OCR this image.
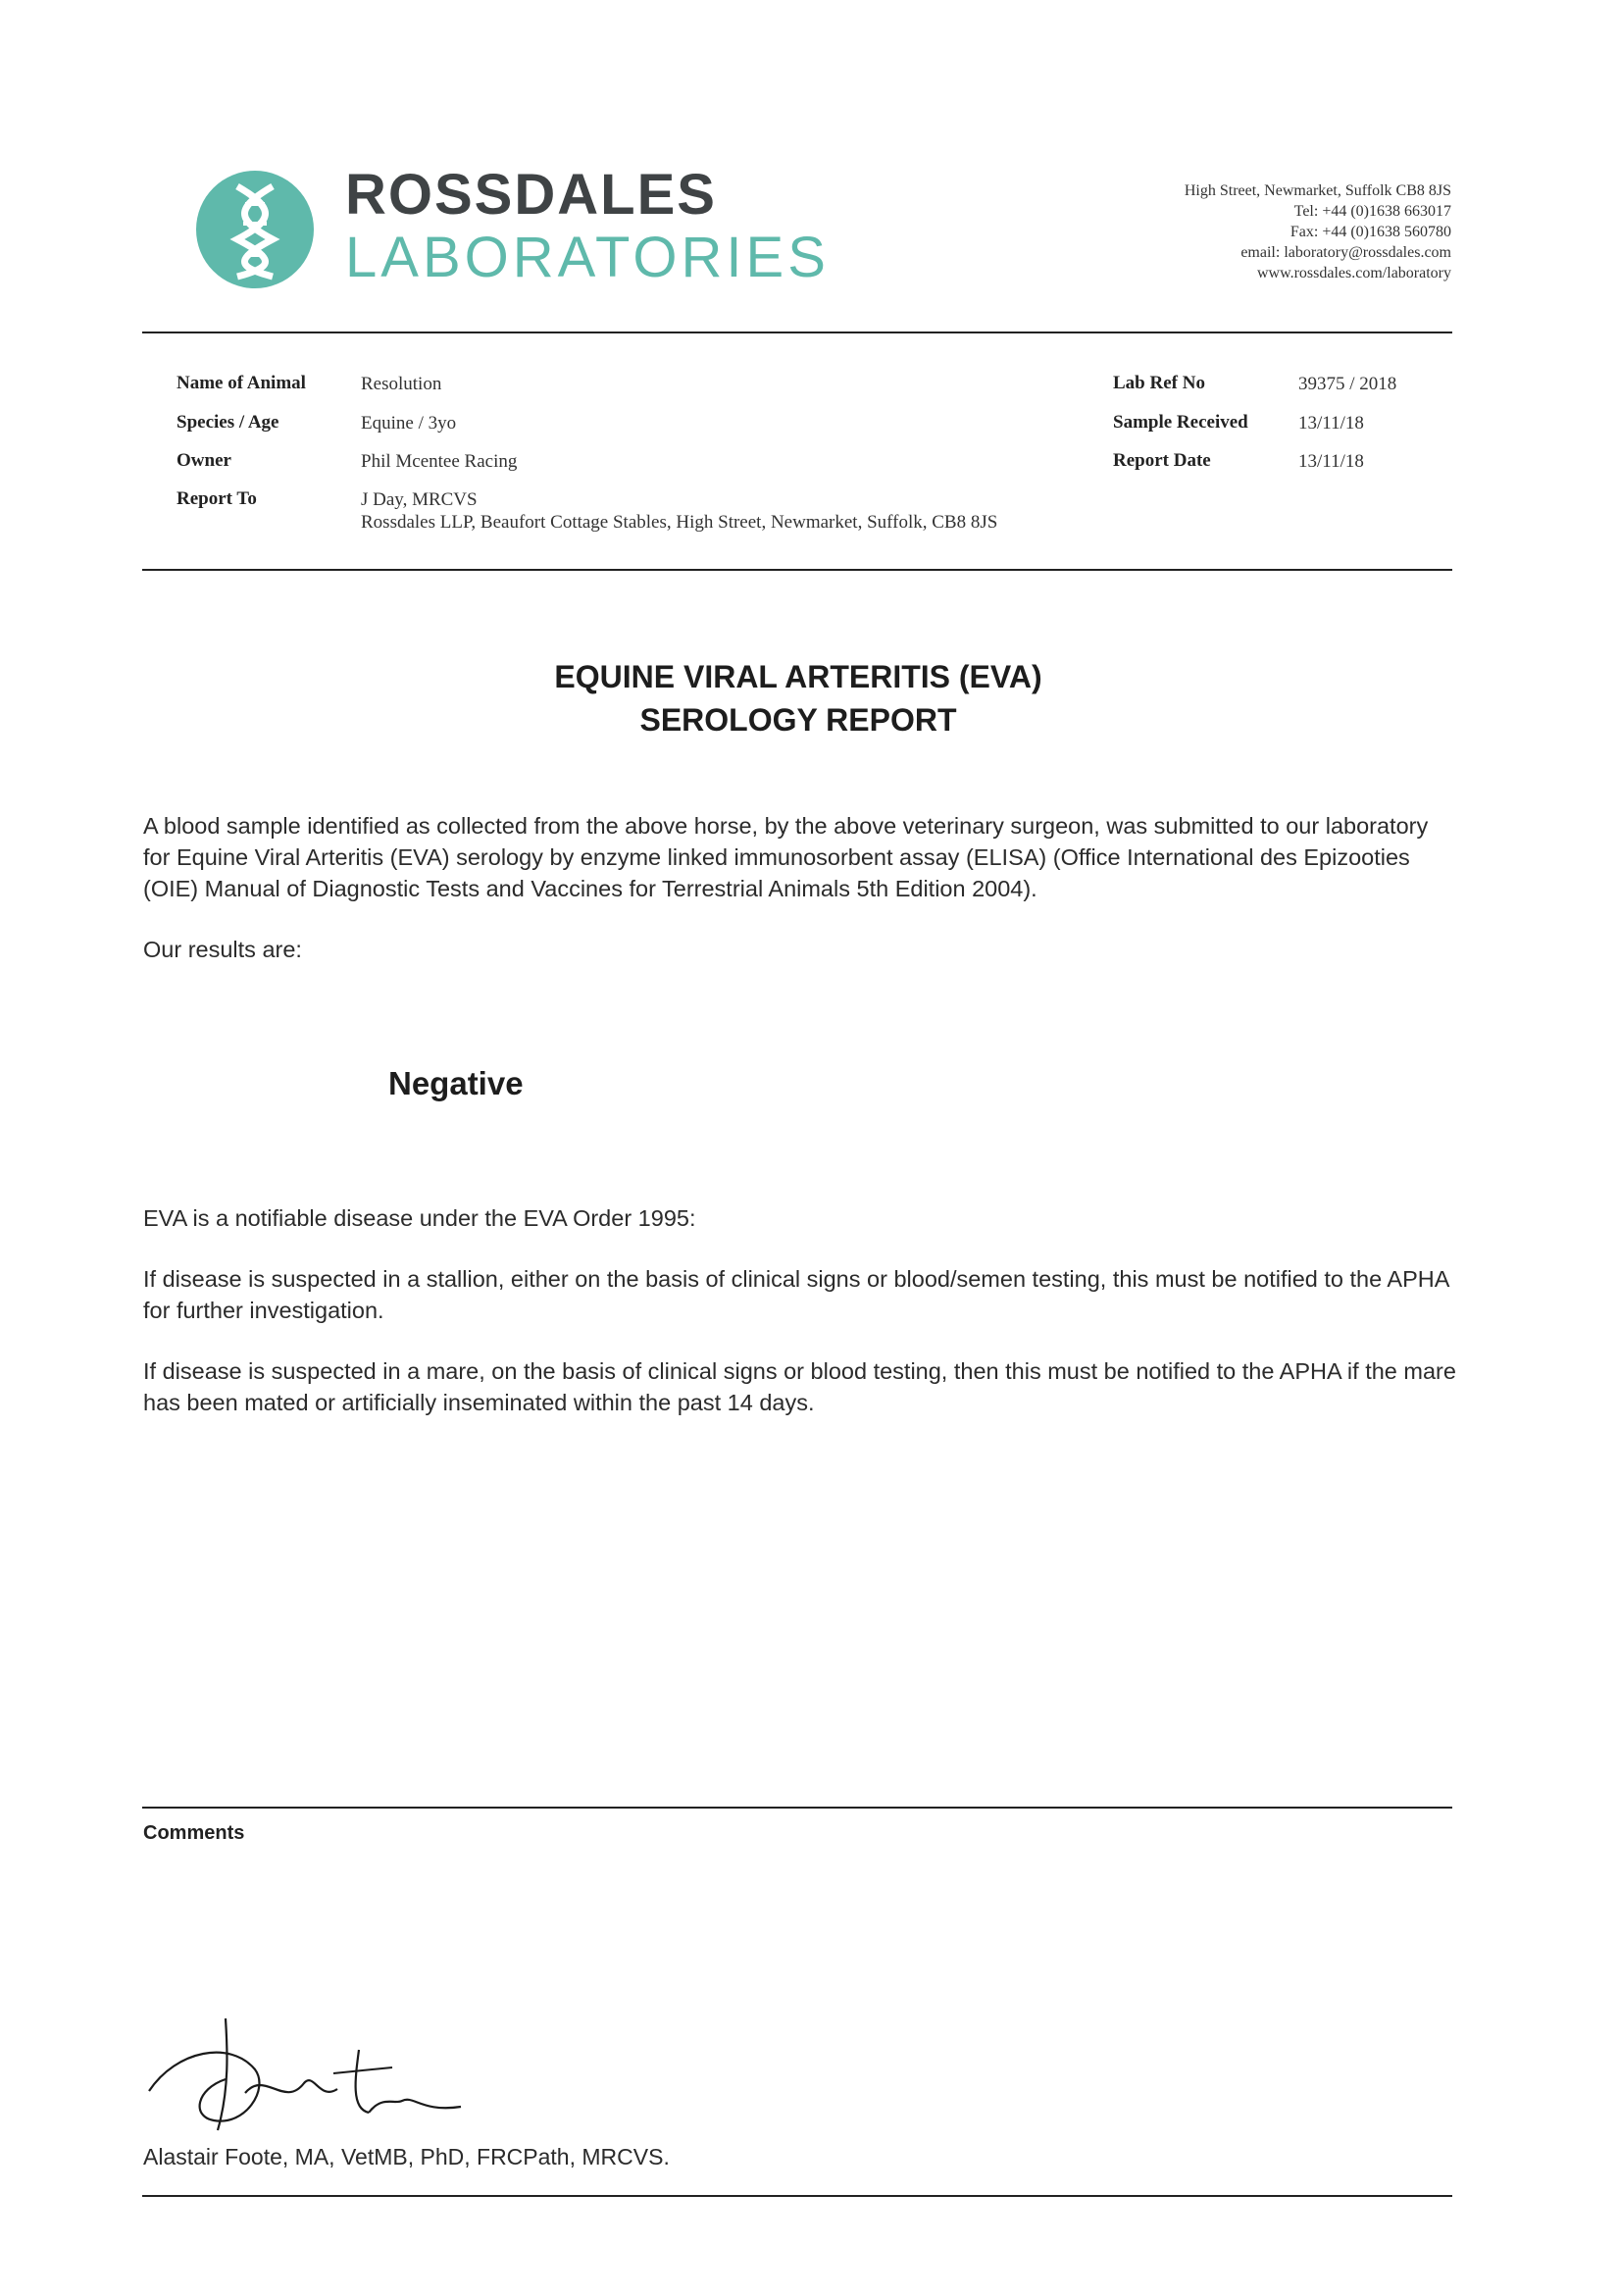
ROSSDALES
LABORATORIES
High Street, Newmarket, Suffolk CB8 8JS
Tel: +44 (0)1638 663017
Fax: +44 (0)1638 560780
email: laboratory@rossdales.com
www.rossdales.com/laboratory
Name of Animal	Resolution
Species / Age	Equine / 3yo
Owner	Phil Mcentee Racing
Report To	J Day, MRCVS
Rossdales LLP, Beaufort Cottage Stables, High Street, Newmarket, Suffolk, CB8 8JS
Lab Ref No	39375 / 2018
Sample Received	13/11/18
Report Date	13/11/18
EQUINE VIRAL ARTERITIS (EVA)
SEROLOGY REPORT
A blood sample identified as collected from the above horse, by the above veterinary surgeon, was submitted to our laboratory for Equine Viral Arteritis (EVA) serology by enzyme linked immunosorbent assay (ELISA) (Office International des Epizooties (OIE) Manual of Diagnostic Tests and Vaccines for Terrestrial Animals 5th Edition 2004).
Our results are:
Negative
EVA is a notifiable disease under the EVA Order 1995:
If disease is suspected in a stallion, either on the basis of clinical signs or blood/semen testing, this must be notified to the APHA for further investigation.
If disease is suspected in a mare, on the basis of clinical signs or blood testing, then this must be notified to the APHA if the mare has been mated or artificially inseminated within the past 14 days.
Comments
Alastair Foote, MA, VetMB, PhD, FRCPath, MRCVS.
